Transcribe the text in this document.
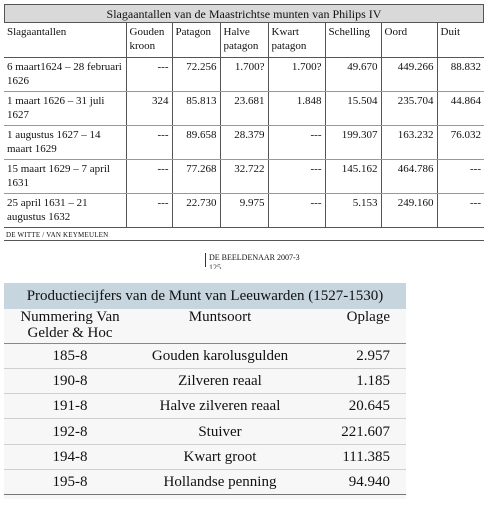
Slagaantallen van de Maastrichtse munten van Philips IV
Slagaantallen	Gouden kroon	Patagon	Halve patagon	Kwart patagon	Schelling	Oord	Duit
6 maart1624 – 28 februari 1626	---	72.256	1.700?	1.700?	49.670	449.266	88.832
1 maart 1626 – 31 juli 1627	324	85.813	23.681	1.848	15.504	235.704	44.864
1 augustus 1627 – 14 maart 1629	---	89.658	28.379	---	199.307	163.232	76.032
15 maart 1629 – 7 april 1631	---	77.268	32.722	---	145.162	464.786	---
25 april 1631 – 21 augustus 1632	---	22.730	9.975	---	5.153	249.160	---
DE WITTE / VAN KEYMEULEN
DE BEELDENAAR 2007-3
125
Productiecijfers van de Munt van Leeuwarden (1527-1530)
Nummering Van Gelder & Hoc	Muntsoort	Oplage
185-8	Gouden karolusgulden	2.957
190-8	Zilveren reaal	1.185
191-8	Halve zilveren reaal	20.645
192-8	Stuiver	221.607
194-8	Kwart groot	111.385
195-8	Hollandse penning	94.940
